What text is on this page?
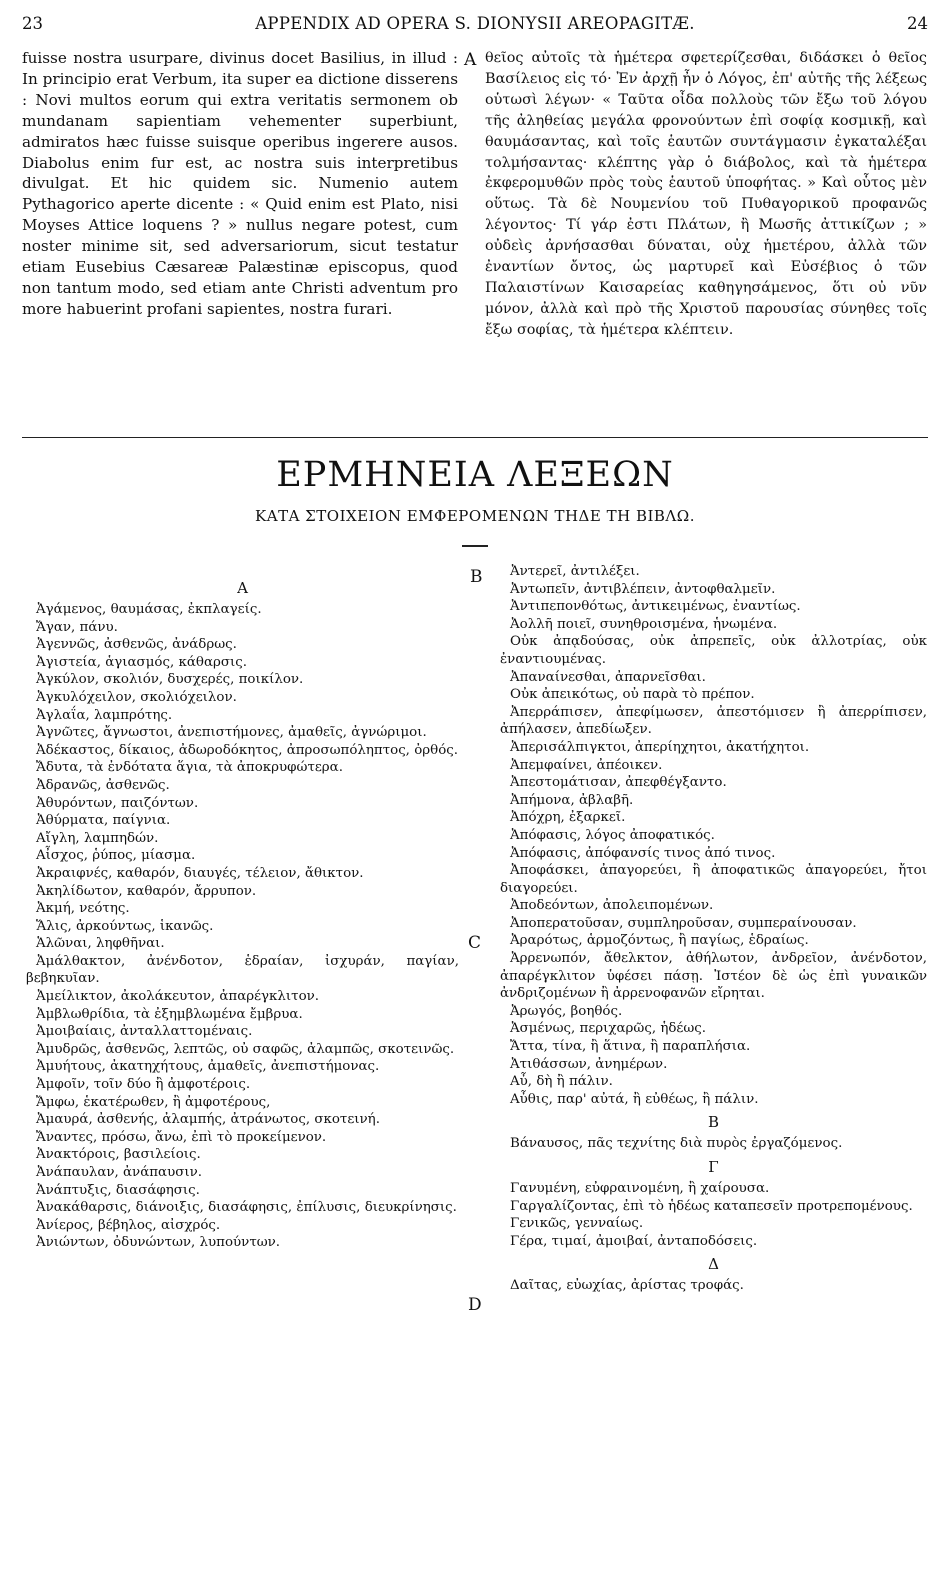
23	APPENDIX AD OPERA S. DIONYSII AREOPAGITÆ.	24
fuisse nostra usurpare, divinus docet Basilius, in illud : In principio erat Verbum, ita super ea dictione disserens : Novi multos eorum qui extra veritatis sermonem ob mundanam sapientiam vehementer superbiunt, admiratos hæc fuisse suisque operibus ingerere ausos. Diabolus enim fur est, ac nostra suis interpretibus divulgat. Et hic quidem sic. Numenio autem Pythagorico aperte dicente : « Quid enim est Plato, nisi Moyses Attice loquens ? » nullus negare potest, cum noster minime sit, sed adversariorum, sicut testatur etiam Eusebius Cæsareæ Palæstinæ episcopus, quod non tantum modo, sed etiam ante Christi adventum pro more habuerint profani sapientes, nostra furari.
A θεῖος αὐτοῖς τὰ ἡμέτερα σφετερίζεσθαι, διδάσκει ὁ θεῖος Βασίλειος εἰς τό· Ἐν ἀρχῇ ἦν ὁ Λόγος, ἐπ' αὐτῆς τῆς λέξεως οὑτωσὶ λέγων· « Ταῦτα οἶδα πολλοὺς τῶν ἔξω τοῦ λόγου τῆς ἀληθείας μεγάλα φρονούντων ἐπὶ σοφίᾳ κοσμικῇ, καὶ θαυμάσαντας, καὶ τοῖς ἑαυτῶν συντάγμασιν ἐγκαταλέξαι τολμήσαντας· κλέπτης γὰρ ὁ διάβολος, καὶ τὰ ἡμέτερα ἐκφερομυθῶν πρὸς τοὺς ἑαυτοῦ ὑποφήτας. » Καὶ οὗτος μὲν οὕτως. Τὰ δὲ Νουμενίου τοῦ Πυθαγορικοῦ προφανῶς λέγοντος· Τί γάρ ἐστι Πλάτων, ἢ Μωσῆς ἀττικίζων ; » οὐδεὶς ἀρνήσασθαι δύναται, οὐχ ἡμετέρου, ἀλλὰ τῶν ἐναντίων ὄντος, ὡς μαρτυρεῖ καὶ Εὐσέβιος ὁ τῶν Παλαιστίνων Καισαρείας καθηγησάμενος, ὅτι οὐ νῦν μόνον, ἀλλὰ καὶ πρὸ τῆς Χριστοῦ παρουσίας σύνηθες τοῖς ἔξω σοφίας, τὰ ἡμέτερα κλέπτειν.
ΕΡΜΗΝΕΙΑ ΛΕΞΕΩΝ
ΚΑΤΑ ΣΤΟΙΧΕΙΟΝ ΕΜΦΕΡΟΜΕΝΩΝ ΤΗΔΕ ΤΗ ΒΙΒΛΩ.
B
C
D
A
Ἀγάμενος, θαυμάσας, ἐκπλαγείς.
Ἄγαν, πάνυ.
Ἀγεννῶς, ἀσθενῶς, ἀνάδρως.
Ἀγιστεία, ἁγιασμός, κάθαρσις.
Ἀγκύλον, σκολιόν, δυσχερές, ποικίλον.
Ἀγκυλόχειλον, σκολιόχειλον.
Ἀγλαΐα, λαμπρότης.
Ἀγνῶτες, ἄγνωστοι, ἀνεπιστήμονες, ἀμαθεῖς, ἀγνώριμοι.
Ἀδέκαστος, δίκαιος, ἀδωροδόκητος, ἀπροσωπόληπτος, ὀρθός.
Ἄδυτα, τὰ ἐνδότατα ἅγια, τὰ ἀποκρυφώτερα.
Ἀδρανῶς, ἀσθενῶς.
Ἀθυρόντων, παιζόντων.
Ἀθύρματα, παίγνια.
Αἴγλη, λαμπηδών.
Αἶσχος, ῥύπος, μίασμα.
Ἀκραιφνές, καθαρόν, διαυγές, τέλειον, ἄθικτον.
Ἀκηλίδωτον, καθαρόν, ἄρρυπον.
Ἀκμή, νεότης.
Ἅλις, ἀρκούντως, ἱκανῶς.
Ἁλῶναι, ληφθῆναι.
Ἀμάλθακτον, ἀνένδοτον, ἑδραίαν, ἰσχυράν, παγίαν, βεβηκυῖαν.
Ἀμείλικτον, ἀκολάκευτον, ἀπαρέγκλιτον.
Ἀμβλωθρίδια, τὰ ἐξημβλωμένα ἔμβρυα.
Ἀμοιβαίαις, ἀνταλλαττομέναις.
Ἀμυδρῶς, ἀσθενῶς, λεπτῶς, οὐ σαφῶς, ἀλαμπῶς, σκοτεινῶς.
Ἀμυήτους, ἀκατηχήτους, ἀμαθεῖς, ἀνεπιστήμονας.
Ἀμφοῖν, τοῖν δύο ἢ ἀμφοτέροις.
Ἄμφω, ἑκατέρωθεν, ἢ ἀμφοτέρους,
Ἀμαυρά, ἀσθενής, ἀλαμπής, ἀτράνωτος, σκοτεινή.
Ἄναντες, πρόσω, ἄνω, ἐπὶ τὸ προκείμενον.
Ἀνακτόροις, βασιλείοις.
Ἀνάπαυλαν, ἀνάπαυσιν.
Ἀνάπτυξις, διασάφησις.
Ἀνακάθαρσις, διάνοιξις, διασάφησις, ἐπίλυσις, διευκρίνησις.
Ἀνίερος, βέβηλος, αἰσχρός.
Ἀνιώντων, ὀδυνώντων, λυπούντων.
Ἀντερεῖ, ἀντιλέξει.
Ἀντωπεῖν, ἀντιβλέπειν, ἀντοφθαλμεῖν.
Ἀντιπεπονθότως, ἀντικειμένως, ἐναντίως.
Ἀολλῆ ποιεῖ, συνηθροισμένα, ἡνωμένα.
Οὐκ ἀπᾳδούσας, οὐκ ἀπρεπεῖς, οὐκ ἀλλοτρίας, οὐκ ἐναντιουμένας.
Ἀπαναίνεσθαι, ἀπαρνεῖσθαι.
Οὐκ ἀπεικότως, οὐ παρὰ τὸ πρέπον.
Ἀπερράπισεν, ἀπεφίμωσεν, ἀπεστόμισεν ἢ ἀπερρίπισεν, ἀπήλασεν, ἀπεδίωξεν.
Ἀπερισάλπιγκτοι, ἀπερίηχητοι, ἀκατήχητοι.
Ἀπεμφαίνει, ἀπέοικεν.
Ἀπεστομάτισαν, ἀπεφθέγξαντο.
Ἀπήμονα, ἀβλαβῆ.
Ἀπόχρη, ἐξαρκεῖ.
Ἀπόφασις, λόγος ἀποφατικός.
Ἀπόφασις, ἀπόφανσίς τινος ἀπό τινος.
Ἀποφάσκει, ἀπαγορεύει, ἢ ἀποφατικῶς ἀπαγορεύει, ἤτοι διαγορεύει.
Ἀποδεόντων, ἀπολειπομένων.
Ἀποπερατοῦσαν, συμπληροῦσαν, συμπεραίνουσαν.
Ἀραρότως, ἁρμοζόντως, ἢ παγίως, ἑδραίως.
Ἀρρενωπόν, ἄθελκτον, ἀθήλωτον, ἀνδρεῖον, ἀνένδοτον, ἀπαρέγκλιτον ὑφέσει πάσῃ. Ἰστέον δὲ ὡς ἐπὶ γυναικῶν ἀνδριζομένων ἢ ἀρρενοφανῶν εἴρηται.
Ἀρωγός, βοηθός.
Ἀσμένως, περιχαρῶς, ἡδέως.
Ἄττα, τίνα, ἢ ἅτινα, ἢ παραπλήσια.
Ἀτιθάσσων, ἀνημέρων.
Αὖ, δὴ ἢ πάλιν.
Αὖθις, παρ' αὐτά, ἢ εὐθέως, ἢ πάλιν.
B
Βάναυσος, πᾶς τεχνίτης διὰ πυρὸς ἐργαζόμενος.
Γ
Γανυμένη, εὐφραινομένη, ἢ χαίρουσα.
Γαργαλίζοντας, ἐπὶ τὸ ἡδέως καταπεσεῖν προτρεπομένους.
Γενικῶς, γενναίως.
Γέρα, τιμαί, ἀμοιβαί, ἀνταποδόσεις.
Δ
Δαῖτας, εὐωχίας, ἀρίστας τροφάς.
